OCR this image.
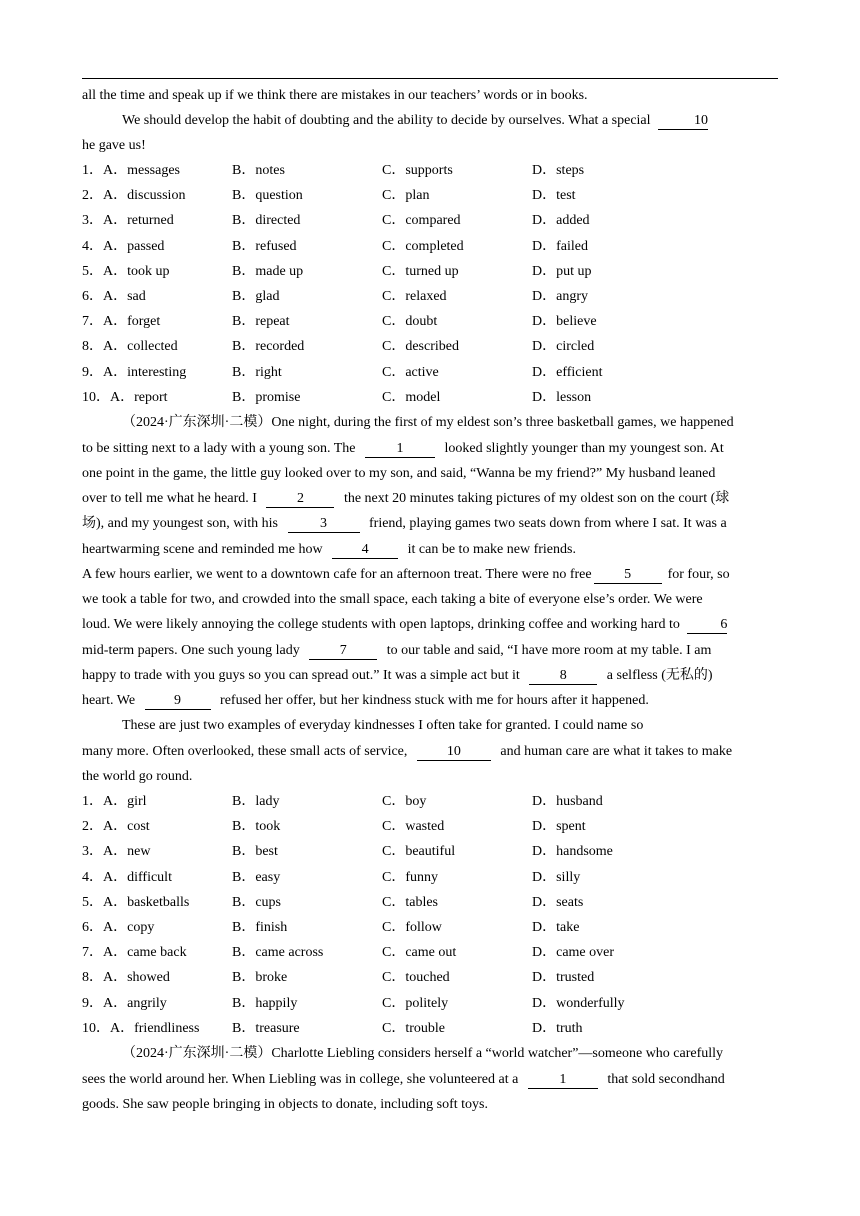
all the time and speak up if we think there are mistakes in our teachers’ words or in books.
We should develop the habit of doubting and the ability to decide by ourselves. What a special	10
he gave us!
1．A．messages	B．notes	C．supports	D．steps
2．A．discussion	B．question	C．plan	D．test
3．A．returned	B．directed	C．compared	D．added
4．A．passed	B．refused	C．completed	D．failed
5．A．took up	B．made up	C．turned up	D．put up
6．A．sad	B．glad	C．relaxed	D．angry
7．A．forget	B．repeat	C．doubt	D．believe
8．A．collected	B．recorded	C．described	D．circled
9．A．interesting	B．right	C．active	D．efficient
10．A．report	B．promise	C．model	D．lesson
（2024·广东深圳·二模）One night, during the first of my eldest son’s three basketball games, we happened
to be sitting next to a lady with a young son. The	1	looked slightly younger than my youngest son. At
one point in the game, the little guy looked over to my son, and said, “Wanna be my friend?” My husband leaned
over to tell me what he heard. I	2	the next 20 minutes taking pictures of my oldest son on the court (球
场), and my youngest son, with his	3	friend, playing games two seats down from where I sat. It was a
heartwarming scene and reminded me how	4	it can be to make new friends.
A few hours earlier, we went to a downtown cafe for an afternoon treat. There were no free 5	for four, so
we took a table for two, and crowded into the small space, each taking a bite of everyone else’s order. We were
loud. We were likely annoying the college students with open laptops, drinking coffee and working hard to	6
mid-term papers. One such young lady	7	to our table and said, “I have more room at my table. I am
happy to trade with you guys so you can spread out.” It was a simple act but it	8	a selfless (无私的)
heart. We	9	refused her offer, but her kindness stuck with me for hours after it happened.
These are just two examples of everyday kindnesses I often take for granted. I could name so
many more. Often overlooked, these small acts of service,	10	and human care are what it takes to make
the world go round.
1．A．girl	B．lady	C．boy	D．husband
2．A．cost	B．took	C．wasted	D．spent
3．A．new	B．best	C．beautiful	D．handsome
4．A．difficult	B．easy	C．funny	D．silly
5．A．basketballs	B．cups	C．tables	D．seats
6．A．copy	B．finish	C．follow	D．take
7．A．came back	B．came across	C．came out	D．came over
8．A．showed	B．broke	C．touched	D．trusted
9．A．angrily	B．happily	C．politely	D．wonderfully
10．A．friendliness B．treasure	C．trouble	D．truth
（2024·广东深圳·二模）Charlotte Liebling considers herself a “world watcher”—someone who carefully
sees the world around her. When Liebling was in college, she volunteered at a	1	that sold secondhand
goods. She saw people bringing in objects to donate, including soft toys.
